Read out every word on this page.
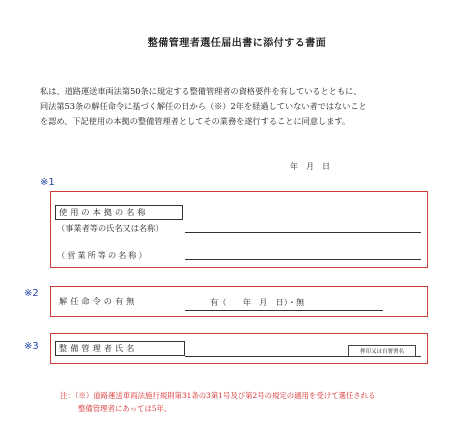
整備管理者選任届出書に添付する書面
私は、道路運送車両法第50条に規定する整備管理者の資格要件を有しているとともに、
同法第53条の解任命令に基づく解任の日から（※）2年を経過していない者ではないこと
を認め、下記使用の本拠の整備管理者としてその業務を遂行することに同意します。
年　月　日
※1
使用の本拠の名称
（事業者等の氏名又は名称）
（営業所等の名称）
※2
解任命令の有無	有（　　年　月　日）・無
※3	整備管理者氏名	押印又は自署署名
注：（※）道路運送車両法施行規則第31条の3第1号及び第2号の規定の適用を受けて選任される
整備管理者にあっては5年。
